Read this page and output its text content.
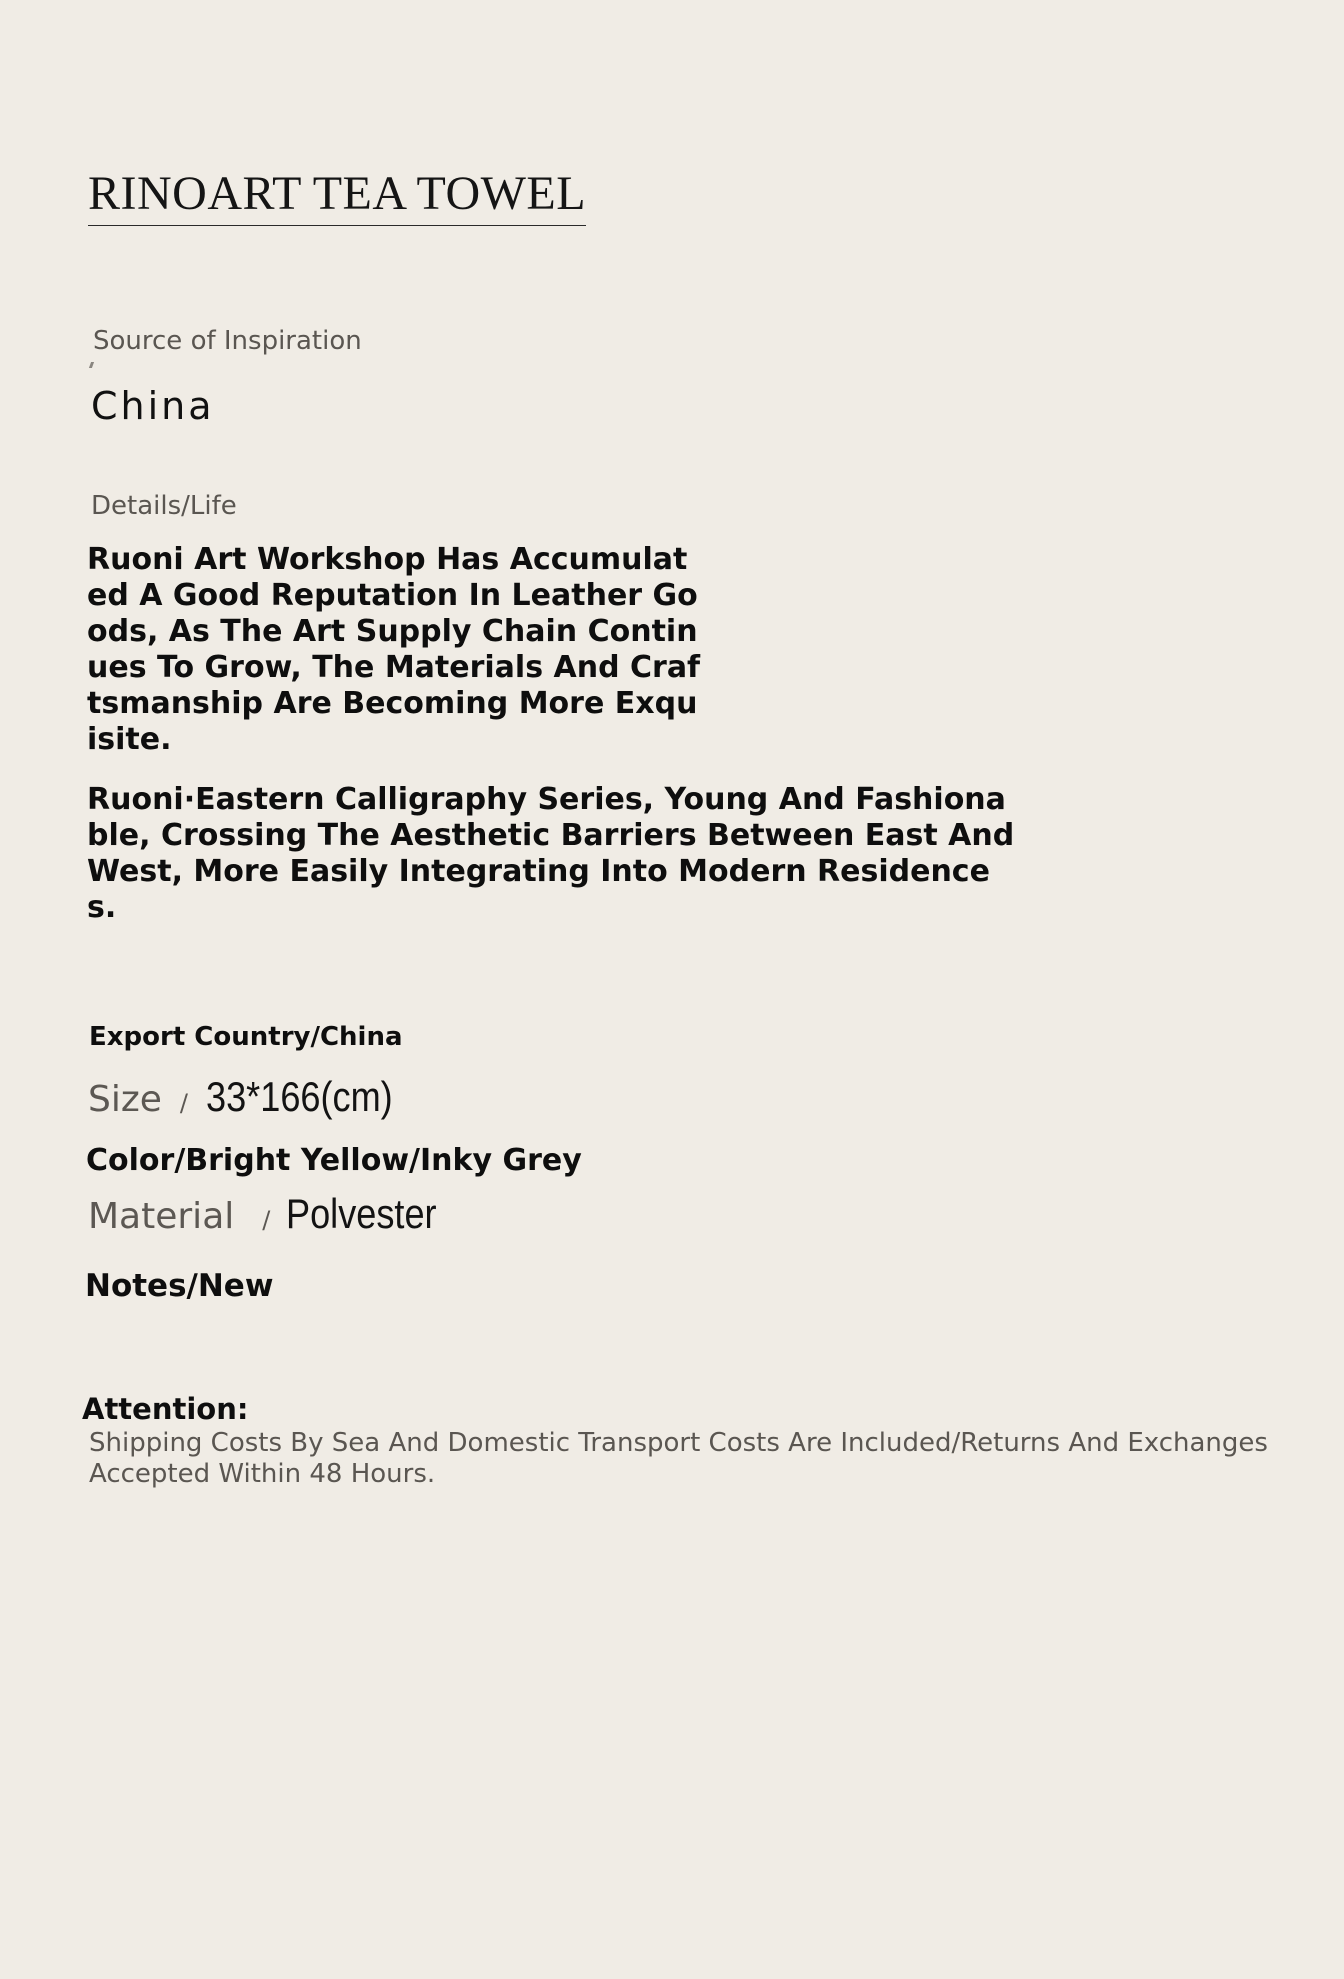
RINOART TEA TOWEL
Source of Inspiration
China
Details/Life

Ruoni Art Workshop Has Accumulated A Good Reputation In Leather Goods, As The Art Supply Chain Continues To Grow, The Materials And Craftsmanship Are Becoming More Exquisite.

Ruoni·Eastern Calligraphy Series, Young And Fashionable, Crossing The Aesthetic Barriers Between East And West, More Easily Integrating Into Modern Residences.

Export Country/China
Size / 33*166(cm)
Color/Bright Yellow/Inky Grey
Material / Polvester
Notes/New
Attention:
Shipping Costs By Sea And Domestic Transport Costs Are Included/Returns And Exchanges Accepted Within 48 Hours.
